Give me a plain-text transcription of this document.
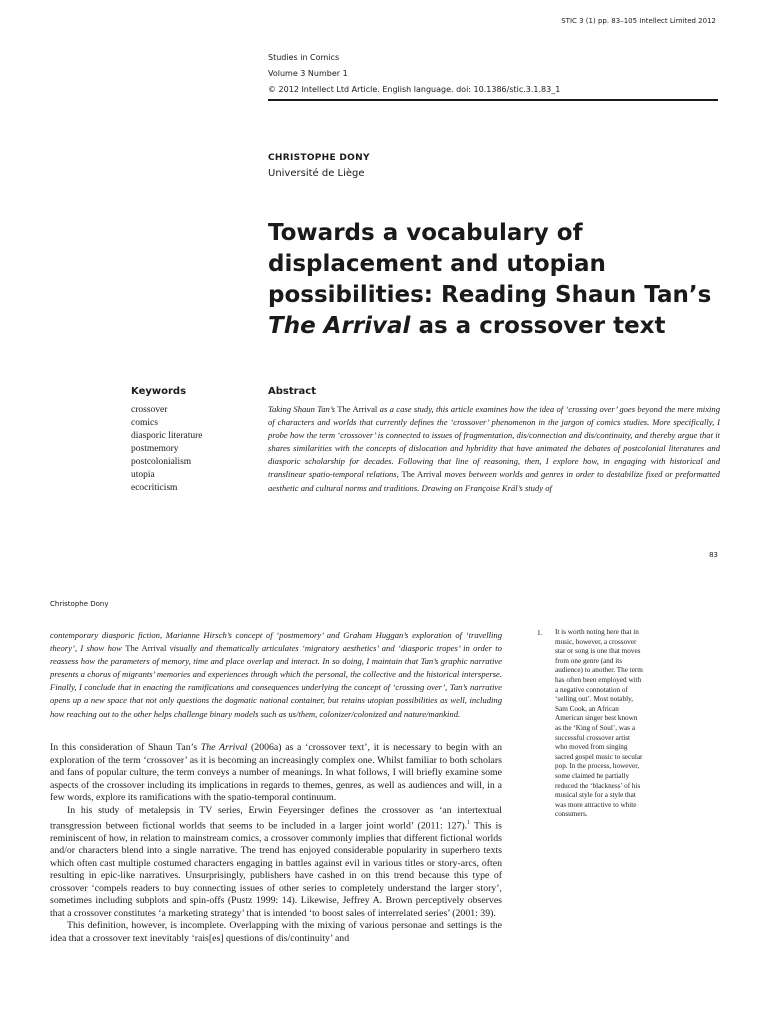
STIC 3 (1) pp. 83–105 Intellect Limited 2012
Studies in Comics
Volume 3 Number 1
© 2012 Intellect Ltd Article. English language. doi: 10.1386/stic.3.1.83_1
CHRISTOPHE DONY
Université de Liège
Towards a vocabulary of
displacement and utopian
possibilities: Reading Shaun Tan’s
The Arrival as a crossover text
Keywords
crossover
comics
diasporic literature
postmemory
postcolonialism
utopia
ecocriticism
Abstract

Taking Shaun Tan’s The Arrival as a case study, this article examines how the idea of ‘crossing over’ goes beyond the mere mixing of characters and worlds that currently defines the ‘crossover’ phenomenon in the jargon of comics studies. More specifically, I probe how the term ‘crossover’ is connected to issues of fragmentation, dis/connection and dis/continuity, and thereby argue that it shares similarities with the concepts of dislocation and hybridity that have animated the debates of postcolonial literatures and diasporic scholarship for decades. Following that line of reasoning, then, I explore how, in engaging with historical and translinear spatio-temporal relations, The Arrival moves between worlds and genres in order to destabilize fixed or preformatted aesthetic and cultural norms and traditions. Drawing on Françoise Král’s study of

83
Christophe Dony

contemporary diasporic fiction, Marianne Hirsch’s concept of ‘postmemory’ and Graham Huggan’s exploration of ‘travelling theory’, I show how The Arrival visually and thematically articulates ‘migratory aesthetics’ and ‘diasporic tropes’ in order to reassess how the parameters of memory, time and place overlap and interact. In so doing, I maintain that Tan’s graphic narrative presents a chorus of migrants’ memories and experiences through which the personal, the collective and the historical intersperse. Finally, I conclude that in enacting the ramifications and consequences underlying the concept of ‘crossing over’, Tan’s narrative opens up a new space that not only questions the dogmatic national container, but retains utopian possibilities as well, including how reaching out to the other helps challenge binary models such as us/them, colonizer/colonized and nature/mankind.

In this consideration of Shaun Tan’s The Arrival (2006a) as a ‘crossover text’, it is necessary to begin with an exploration of the term ‘crossover’ as it is becoming an increasingly complex one. Whilst familiar to both scholars and fans of popular culture, the term conveys a number of meanings. In what follows, I will briefly examine some aspects of the crossover including its implications in regards to themes, genres, as well as audiences and will, in a few words, explore its ramifications with the spatio-temporal continuum.

In his study of metalepsis in TV series, Erwin Feyersinger defines the crossover as ‘an intertextual transgression between fictional worlds that seems to be included in a larger joint world’ (2011: 127).$^1$ This is reminiscent of how, in relation to mainstream comics, a crossover commonly implies that different fictional worlds and/or characters blend into a single narrative. The trend has enjoyed considerable popularity in superhero texts which often cast multiple costumed characters engaging in battles against evil in various titles or story-arcs, often resulting in epic-like narratives. Unsurprisingly, publishers have cashed in on this trend because this type of crossover ‘compels readers to buy connecting issues of other series to completely understand the larger story’, sometimes including subplots and spin-offs (Pustz 1999: 14). Likewise, Jeffrey A. Brown perceptively observes that a crossover constitutes ‘a marketing strategy’ that is intended ‘to boost sales of interrelated series’ (2001: 39).

This definition, however, is incomplete. Overlapping with the mixing of various personae and settings is the idea that a crossover text inevitably ‘rais[es] questions of dis/continuity’ and

1. It is worth noting here that in music, however, a crossover star or song is one that moves from one genre (and its audience) to another. The term has often been employed with a negative connotation of ‘selling out’. Most notably, Sam Cook, an African American singer best known as the ‘King of Soul’, was a successful crossover artist who moved from singing sacred gospel music to secular pop. In the process, however, some claimed he partially reduced the ‘blackness’ of his musical style for a style that was more attractive to white consumers.
